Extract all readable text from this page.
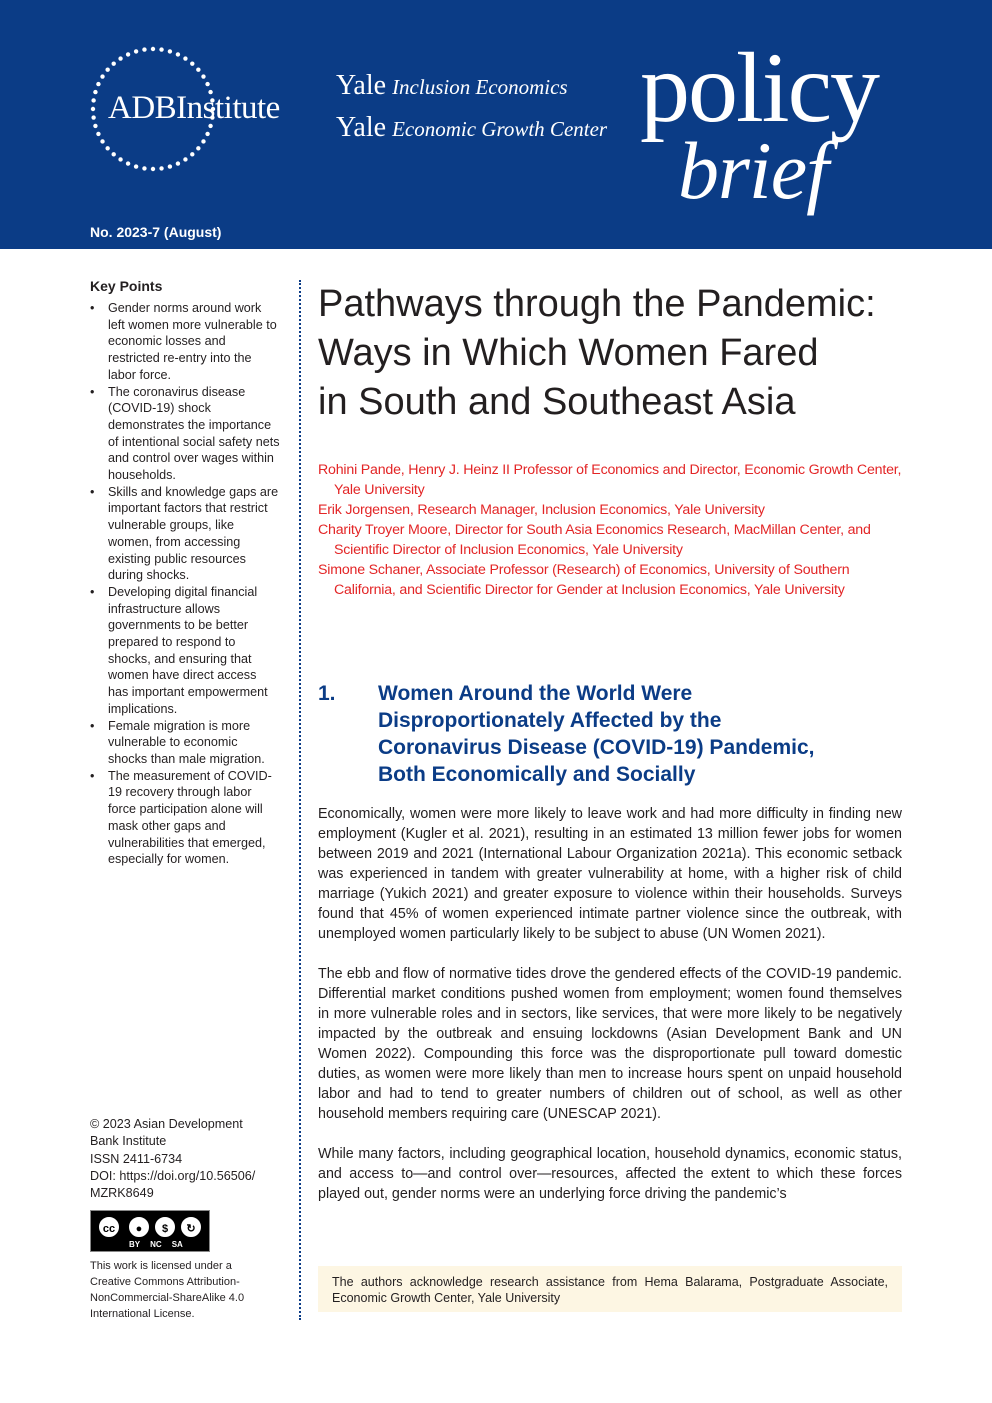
ADBInstitute
Yale Inclusion Economics
Yale Economic Growth Center policy
brief
No. 2023-7 (August)
Key Points
• Gender norms around work left women more vulnerable to economic losses and restricted re-entry into the labor force.
• The coronavirus disease (COVID-19) shock demonstrates the importance of intentional social safety nets and control over wages within households.
• Skills and knowledge gaps are important factors that restrict vulnerable groups, like women, from accessing existing public resources during shocks.
• Developing digital financial infrastructure allows governments to be better prepared to respond to shocks, and ensuring that women have direct access has important empowerment implications.
• Female migration is more vulnerable to economic shocks than male migration.
• The measurement of COVID-19 recovery through labor force participation alone will mask other gaps and vulnerabilities that emerged, especially for women.
© 2023 Asian Development
Bank Institute
ISSN 2411-6734
DOI: https://doi.org/10.56506/
MZRK8649
cc	●	$	↻
BY NC SA
This work is licensed under a
Creative Commons Attribution-
NonCommercial-ShareAlike 4.0
International License.
Pathways through the Pandemic:
Ways in Which Women Fared
in South and Southeast Asia
Rohini Pande, Henry J. Heinz II Professor of Economics and Director, Economic Growth Center, Yale University
Erik Jorgensen, Research Manager, Inclusion Economics, Yale University
Charity Troyer Moore, Director for South Asia Economics Research, MacMillan Center, and Scientific Director of Inclusion Economics, Yale University
Simone Schaner, Associate Professor (Research) of Economics, University of Southern California, and Scientific Director for Gender at Inclusion Economics, Yale University
1. Women Around the World Were
Disproportionately Affected by the
Coronavirus Disease (COVID-19) Pandemic,
Both Economically and Socially

Economically, women were more likely to leave work and had more difficulty in finding new employment (Kugler et al. 2021), resulting in an estimated 13 million fewer jobs for women between 2019 and 2021 (International Labour Organization 2021a). This economic setback was experienced in tandem with greater vulnerability at home, with a higher risk of child marriage (Yukich 2021) and greater exposure to violence within their households. Surveys found that 45% of women experienced intimate partner violence since the outbreak, with unemployed women particularly likely to be subject to abuse (UN Women 2021).

The ebb and flow of normative tides drove the gendered effects of the COVID-19 pandemic. Differential market conditions pushed women from employment; women found themselves in more vulnerable roles and in sectors, like services, that were more likely to be negatively impacted by the outbreak and ensuing lockdowns (Asian Development Bank and UN Women 2022). Compounding this force was the disproportionate pull toward domestic duties, as women were more likely than men to increase hours spent on unpaid household labor and had to tend to greater numbers of children out of school, as well as other household members requiring care (UNESCAP 2021).

While many factors, including geographical location, household dynamics, economic status, and access to—and control over—resources, affected the extent to which these forces played out, gender norms were an underlying force driving the pandemic’s

The authors acknowledge research assistance from Hema Balarama, Postgraduate Associate, Economic Growth Center, Yale University
